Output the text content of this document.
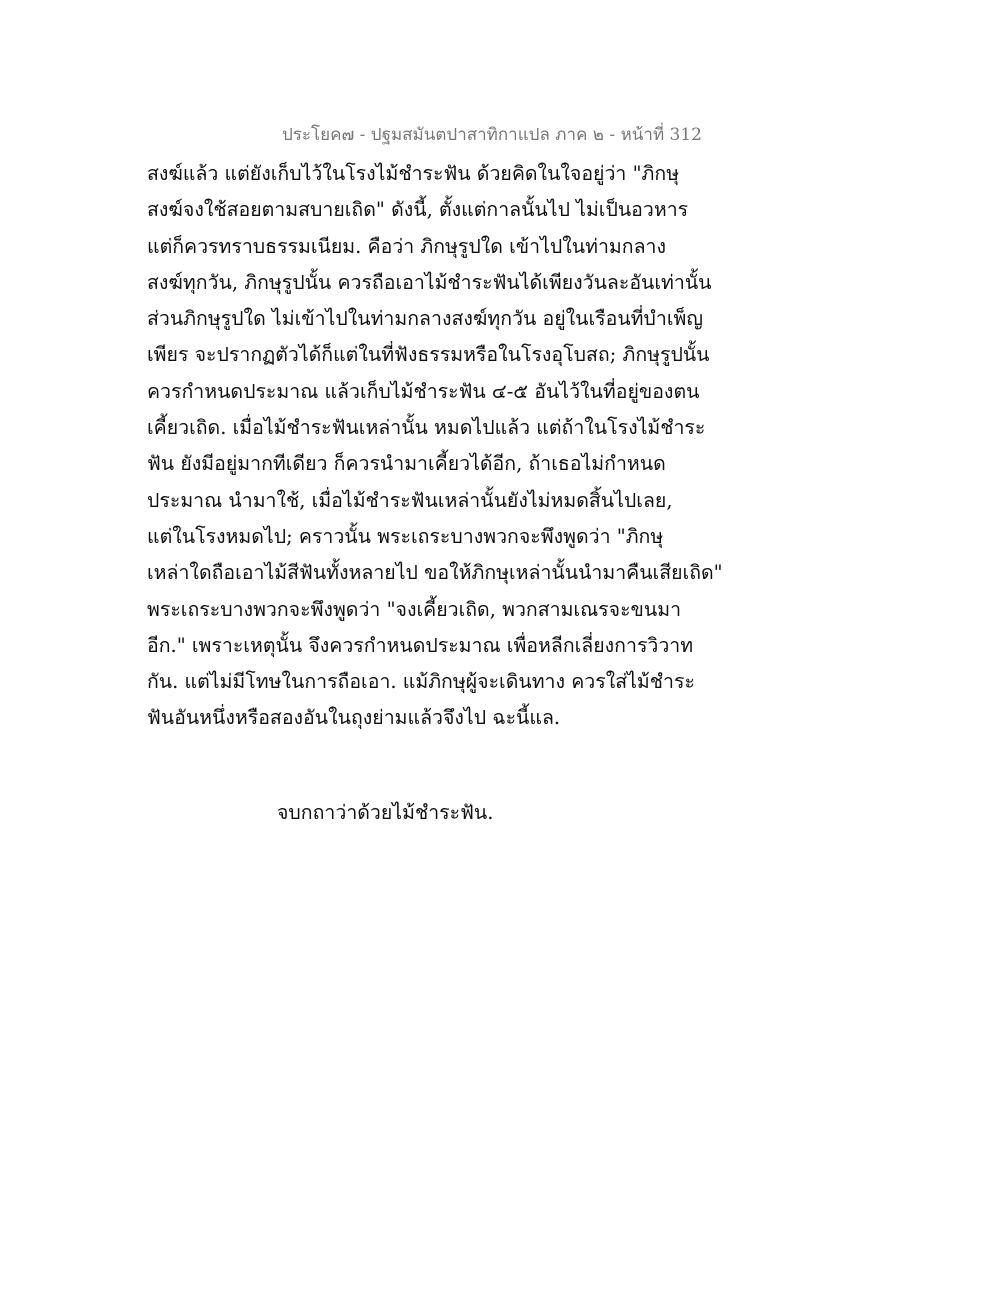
ประโยค๗ - ปฐมสมันตปาสาทิกาแปล ภาค ๒ - หน้าที่ 312
สงฆ์แล้ว แต่ยังเก็บไว้ในโรงไม้ชำระฟัน ด้วยคิดในใจอยู่ว่า "ภิกษุ
สงฆ์จงใช้สอยตามสบายเถิด" ดังนี้, ตั้งแต่กาลนั้นไป ไม่เป็นอวหาร
แต่ก็ควรทราบธรรมเนียม. คือว่า ภิกษุรูปใด เข้าไปในท่ามกลาง
สงฆ์ทุกวัน, ภิกษุรูปนั้น ควรถือเอาไม้ชำระฟันได้เพียงวันละอันเท่านั้น
ส่วนภิกษุรูปใด ไม่เข้าไปในท่ามกลางสงฆ์ทุกวัน อยู่ในเรือนที่บำเพ็ญ
เพียร จะปรากฏตัวได้ก็แต่ในที่ฟังธรรมหรือในโรงอุโบสถ; ภิกษุรูปนั้น
ควรกำหนดประมาณ แล้วเก็บไม้ชำระฟัน ๔-๕ อันไว้ในที่อยู่ของตน
เคี้ยวเถิด. เมื่อไม้ชำระฟันเหล่านั้น หมดไปแล้ว แต่ถ้าในโรงไม้ชำระ
ฟัน ยังมีอยู่มากทีเดียว ก็ควรนำมาเคี้ยวได้อีก, ถ้าเธอไม่กำหนด
ประมาณ นำมาใช้, เมื่อไม้ชำระฟันเหล่านั้นยังไม่หมดสิ้นไปเลย,
แต่ในโรงหมดไป; คราวนั้น พระเถระบางพวกจะพึงพูดว่า "ภิกษุ
เหล่าใดถือเอาไม้สีฟันทั้งหลายไป ขอให้ภิกษุเหล่านั้นนำมาคืนเสียเถิด"
พระเถระบางพวกจะพึงพูดว่า "จงเคี้ยวเถิด, พวกสามเณรจะขนมา
อีก." เพราะเหตุนั้น จึงควรกำหนดประมาณ เพื่อหลีกเลี่ยงการวิวาท
กัน. แต่ไม่มีโทษในการถือเอา. แม้ภิกษุผู้จะเดินทาง ควรใส่ไม้ชำระ
ฟันอันหนึ่งหรือสองอันในถุงย่ามแล้วจึงไป ฉะนี้แล.
จบกถาว่าด้วยไม้ชำระฟัน.
